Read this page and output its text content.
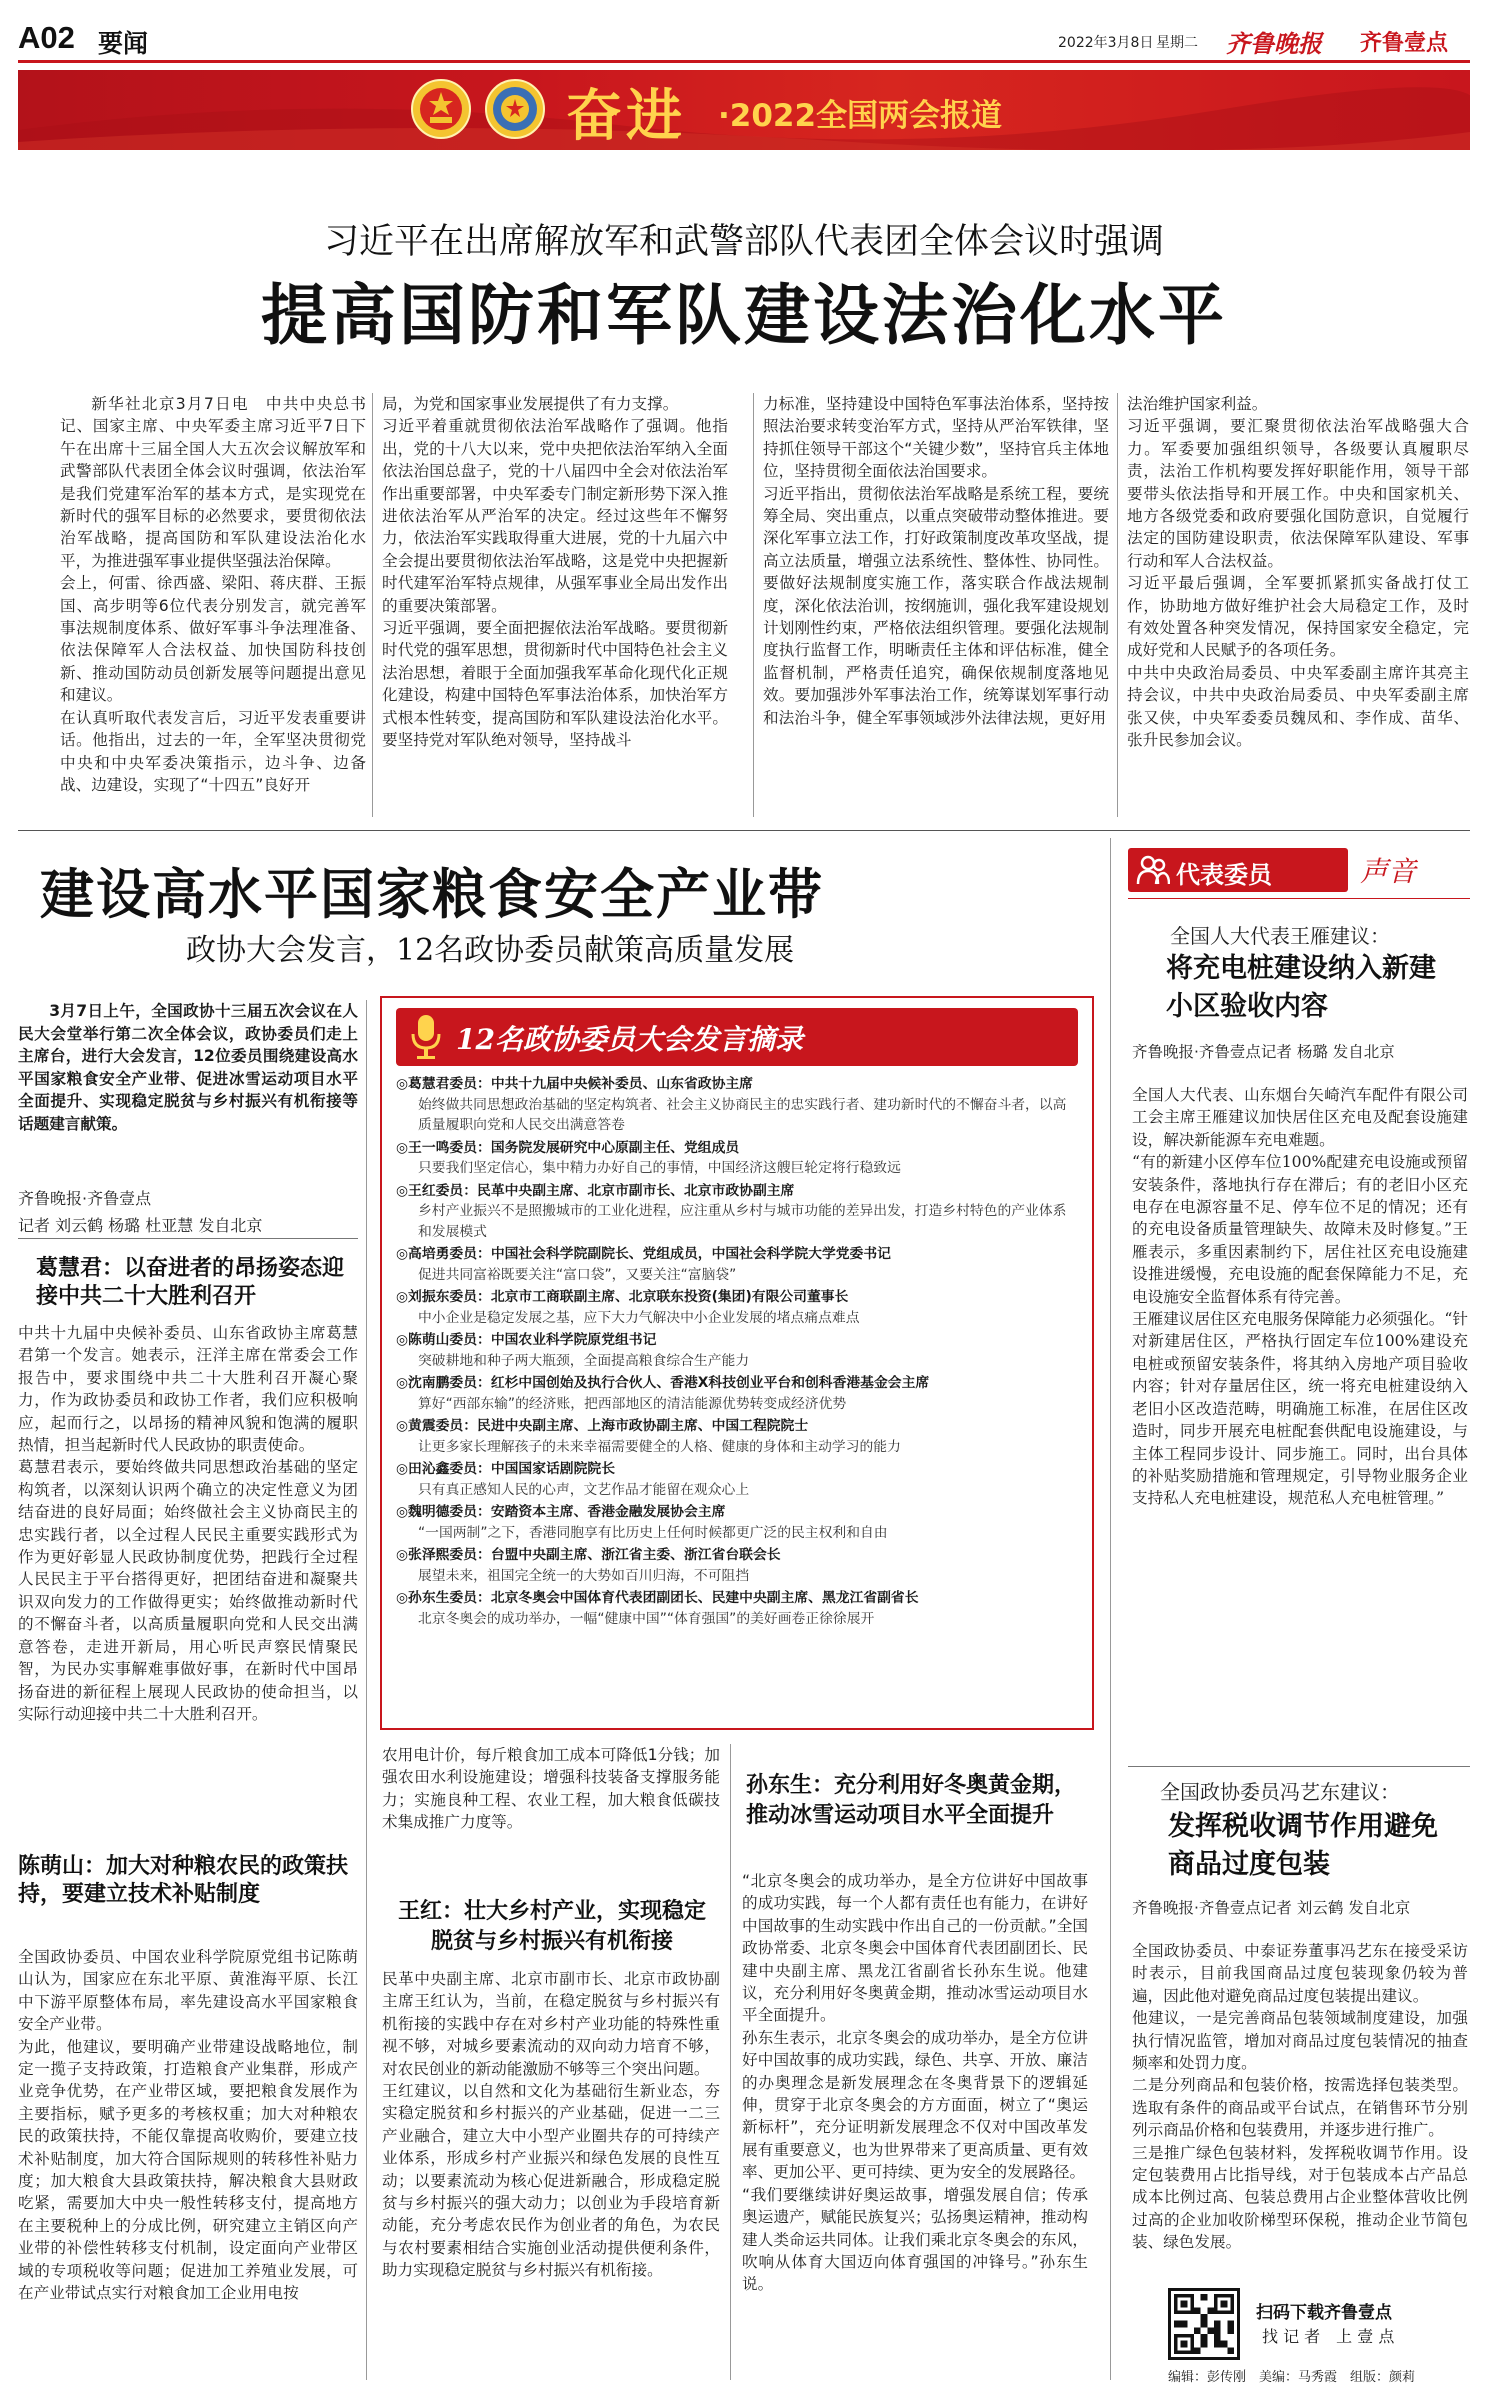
A02 要闻	2022年3月8日 星期二 齐鲁晚报 齐鲁壹点
奋进 ·2022全国两会报道
习近平在出席解放军和武警部队代表团全体会议时强调
提高国防和军队建设法治化水平
新华社北京3月7日电　中共中央总书记、国家主席、中央军委主席习近平7日下午在出席十三届全国人大五次会议解放军和武警部队代表团全体会议时强调，依法治军是我们党建军治军的基本方式，是实现党在新时代的强军目标的必然要求，要贯彻依法治军战略，提高国防和军队建设法治化水平，为推进强军事业提供坚强法治保障。
会上，何雷、徐西盛、梁阳、蒋庆群、王振国、高步明等6位代表分别发言，就完善军事法规制度体系、做好军事斗争法理准备、依法保障军人合法权益、加快国防科技创新、推动国防动员创新发展等问题提出意见和建议。
在认真听取代表发言后，习近平发表重要讲话。他指出，过去的一年，全军坚决贯彻党中央和中央军委决策指示，边斗争、边备战、边建设，实现了“十四五”良好开
局，为党和国家事业发展提供了有力支撑。
习近平着重就贯彻依法治军战略作了强调。他指出，党的十八大以来，党中央把依法治军纳入全面依法治国总盘子，党的十八届四中全会对依法治军作出重要部署，中央军委专门制定新形势下深入推进依法治军从严治军的决定。经过这些年不懈努力，依法治军实践取得重大进展，党的十九届六中全会提出要贯彻依法治军战略，这是党中央把握新时代建军治军特点规律，从强军事业全局出发作出的重要决策部署。
习近平强调，要全面把握依法治军战略。要贯彻新时代党的强军思想，贯彻新时代中国特色社会主义法治思想，着眼于全面加强我军革命化现代化正规化建设，构建中国特色军事法治体系，加快治军方式根本性转变，提高国防和军队建设法治化水平。要坚持党对军队绝对领导，坚持战斗
力标准，坚持建设中国特色军事法治体系，坚持按照法治要求转变治军方式，坚持从严治军铁律，坚持抓住领导干部这个“关键少数”，坚持官兵主体地位，坚持贯彻全面依法治国要求。
习近平指出，贯彻依法治军战略是系统工程，要统筹全局、突出重点，以重点突破带动整体推进。要深化军事立法工作，打好政策制度改革攻坚战，提高立法质量，增强立法系统性、整体性、协同性。要做好法规制度实施工作，落实联合作战法规制度，深化依法治训，按纲施训，强化我军建设规划计划刚性约束，严格依法组织管理。要强化法规制度执行监督工作，明晰责任主体和评估标准，健全监督机制，严格责任追究，确保依规制度落地见效。要加强涉外军事法治工作，统筹谋划军事行动和法治斗争，健全军事领域涉外法律法规，更好用
法治维护国家利益。
习近平强调，要汇聚贯彻依法治军战略强大合力。军委要加强组织领导，各级要认真履职尽责，法治工作机构要发挥好职能作用，领导干部要带头依法指导和开展工作。中央和国家机关、地方各级党委和政府要强化国防意识，自觉履行法定的国防建设职责，依法保障军队建设、军事行动和军人合法权益。
习近平最后强调，全军要抓紧抓实备战打仗工作，协助地方做好维护社会大局稳定工作，及时有效处置各种突发情况，保持国家安全稳定，完成好党和人民赋予的各项任务。
中共中央政治局委员、中央军委副主席许其亮主持会议，中共中央政治局委员、中央军委副主席张又侠，中央军委委员魏凤和、李作成、苗华、张升民参加会议。
建设高水平国家粮食安全产业带
政协大会发言，12名政协委员献策高质量发展
3月7日上午，全国政协十三届五次会议在人民大会堂举行第二次全体会议，政协委员们走上主席台，进行大会发言，12位委员围绕建设高水平国家粮食安全产业带、促进冰雪运动项目水平全面提升、实现稳定脱贫与乡村振兴有机衔接等话题建言献策。
齐鲁晚报·齐鲁壹点
记者 刘云鹤 杨璐 杜亚慧 发自北京
葛慧君：以奋进者的昂扬姿态迎接中共二十大胜利召开
中共十九届中央候补委员、山东省政协主席葛慧君第一个发言。她表示，汪洋主席在常委会工作报告中，要求围绕中共二十大胜利召开凝心聚力，作为政协委员和政协工作者，我们应积极响应，起而行之，以昂扬的精神风貌和饱满的履职热情，担当起新时代人民政协的职责使命。
葛慧君表示，要始终做共同思想政治基础的坚定构筑者，以深刻认识两个确立的决定性意义为团结奋进的良好局面；始终做社会主义协商民主的忠实践行者，以全过程人民民主重要实践形式为作为更好彰显人民政协制度优势，把践行全过程人民民主于平台搭得更好，把团结奋进和凝聚共识双向发力的工作做得更实；始终做推动新时代的不懈奋斗者，以高质量履职向党和人民交出满意答卷，走进开新局，用心听民声察民情聚民智，为民办实事解难事做好事，在新时代中国昂扬奋进的新征程上展现人民政协的使命担当，以实际行动迎接中共二十大胜利召开。
陈萌山：加大对种粮农民的政策扶持，要建立技术补贴制度
全国政协委员、中国农业科学院原党组书记陈萌山认为，国家应在东北平原、黄淮海平原、长江中下游平原整体布局，率先建设高水平国家粮食安全产业带。
为此，他建议，要明确产业带建设战略地位，制定一揽子支持政策，打造粮食产业集群，形成产业竞争优势，在产业带区域，要把粮食发展作为主要指标，赋予更多的考核权重；加大对种粮农民的政策扶持，不能仅靠提高收购价，要建立技术补贴制度，加大符合国际规则的转移性补贴力度；加大粮食大县政策扶持，解决粮食大县财政吃紧，需要加大中央一般性转移支付，提高地方在主要税种上的分成比例，研究建立主销区向产业带的补偿性转移支付机制，设定面向产业带区域的专项税收等问题；促进加工养殖业发展，可在产业带试点实行对粮食加工企业用电按
12名政协委员大会发言摘录
◎葛慧君委员：中共十九届中央候补委员、山东省政协主席
始终做共同思想政治基础的坚定构筑者、社会主义协商民主的忠实践行者、建功新时代的不懈奋斗者，以高质量履职向党和人民交出满意答卷
◎王一鸣委员：国务院发展研究中心原副主任、党组成员
只要我们坚定信心，集中精力办好自己的事情，中国经济这艘巨轮定将行稳致远
◎王红委员：民革中央副主席、北京市副市长、北京市政协副主席
乡村产业振兴不是照搬城市的工业化进程，应注重从乡村与城市功能的差异出发，打造乡村特色的产业体系和发展模式
◎高培勇委员：中国社会科学院副院长、党组成员，中国社会科学院大学党委书记
促进共同富裕既要关注“富口袋”，又要关注“富脑袋”
◎刘振东委员：北京市工商联副主席、北京联东投资(集团)有限公司董事长
中小企业是稳定发展之基，应下大力气解决中小企业发展的堵点痛点难点
◎陈萌山委员：中国农业科学院原党组书记
突破耕地和种子两大瓶颈，全面提高粮食综合生产能力
◎沈南鹏委员：红杉中国创始及执行合伙人、香港X科技创业平台和创科香港基金会主席
算好“西部东输”的经济账，把西部地区的清洁能源优势转变成经济优势
◎黄震委员：民进中央副主席、上海市政协副主席、中国工程院院士
让更多家长理解孩子的未来幸福需要健全的人格、健康的身体和主动学习的能力
◎田沁鑫委员：中国国家话剧院院长
只有真正感知人民的心声，文艺作品才能留在观众心上
◎魏明德委员：安踏资本主席、香港金融发展协会主席
“一国两制”之下，香港同胞享有比历史上任何时候都更广泛的民主权利和自由
◎张泽熙委员：台盟中央副主席、浙江省主委、浙江省台联会长
展望未来，祖国完全统一的大势如百川归海，不可阻挡
◎孙东生委员：北京冬奥会中国体育代表团副团长、民建中央副主席、黑龙江省副省长
北京冬奥会的成功举办，一幅“健康中国”“体育强国”的美好画卷正徐徐展开
农用电计价，每斤粮食加工成本可降低1分钱；加强农田水利设施建设；增强科技装备支撑服务能力；实施良种工程、农业工程，加大粮食低碳技术集成推广力度等。
王红：壮大乡村产业，实现稳定脱贫与乡村振兴有机衔接
民革中央副主席、北京市副市长、北京市政协副主席王红认为，当前，在稳定脱贫与乡村振兴有机衔接的实践中存在对乡村产业功能的特殊性重视不够，对城乡要素流动的双向动力培育不够，对农民创业的新动能激励不够等三个突出问题。
王红建议，以自然和文化为基础衍生新业态，夯实稳定脱贫和乡村振兴的产业基础，促进一二三产业融合，建立大中小型产业圈共存的可持续产业体系，形成乡村产业振兴和绿色发展的良性互动；以要素流动为核心促进新融合，形成稳定脱贫与乡村振兴的强大动力；以创业为手段培育新动能，充分考虑农民作为创业者的角色，为农民与农村要素相结合实施创业活动提供便利条件，助力实现稳定脱贫与乡村振兴有机衔接。
孙东生：充分利用好冬奥黄金期，推动冰雪运动项目水平全面提升
“北京冬奥会的成功举办，是全方位讲好中国故事的成功实践，每一个人都有责任也有能力，在讲好中国故事的生动实践中作出自己的一份贡献。”全国政协常委、北京冬奥会中国体育代表团副团长、民建中央副主席、黑龙江省副省长孙东生说。他建议，充分利用好冬奥黄金期，推动冰雪运动项目水平全面提升。
孙东生表示，北京冬奥会的成功举办，是全方位讲好中国故事的成功实践，绿色、共享、开放、廉洁的办奥理念是新发展理念在冬奥背景下的逻辑延伸，贯穿于北京冬奥会的方方面面，树立了“奥运新标杆”，充分证明新发展理念不仅对中国改革发展有重要意义，也为世界带来了更高质量、更有效率、更加公平、更可持续、更为安全的发展路径。
“我们要继续讲好奥运故事，增强发展自信；传承奥运遗产，赋能民族复兴；弘扬奥运精神，推动构建人类命运共同体。让我们乘北京冬奥会的东风，吹响从体育大国迈向体育强国的冲锋号。”孙东生说。
代表委员	声音
全国人大代表王雁建议：
将充电桩建设纳入新建小区验收内容
齐鲁晚报·齐鲁壹点记者 杨璐 发自北京
全国人大代表、山东烟台矢崎汽车配件有限公司工会主席王雁建议加快居住区充电及配套设施建设，解决新能源车充电难题。
“有的新建小区停车位100%配建充电设施或预留安装条件，落地执行存在滞后；有的老旧小区充电存在电源容量不足、停车位不足的情况；还有的充电设备质量管理缺失、故障未及时修复。”王雁表示，多重因素制约下，居住社区充电设施建设推进缓慢，充电设施的配套保障能力不足，充电设施安全监督体系有待完善。
王雁建议居住区充电服务保障能力必须强化。“针对新建居住区，严格执行固定车位100%建设充电桩或预留安装条件，将其纳入房地产项目验收内容；针对存量居住区，统一将充电桩建设纳入老旧小区改造范畴，明确施工标准，在居住区改造时，同步开展充电桩配套供配电设施建设，与主体工程同步设计、同步施工。同时，出台具体的补贴奖励措施和管理规定，引导物业服务企业支持私人充电桩建设，规范私人充电桩管理。”
全国政协委员冯艺东建议：
发挥税收调节作用避免商品过度包装
齐鲁晚报·齐鲁壹点记者 刘云鹤 发自北京
全国政协委员、中泰证券董事冯艺东在接受采访时表示，目前我国商品过度包装现象仍较为普遍，因此他对避免商品过度包装提出建议。
他建议，一是完善商品包装领域制度建设，加强执行情况监管，增加对商品过度包装情况的抽查频率和处罚力度。
二是分列商品和包装价格，按需选择包装类型。选取有条件的商品或平台试点，在销售环节分别列示商品价格和包装费用，并逐步进行推广。
三是推广绿色包装材料，发挥税收调节作用。设定包装费用占比指导线，对于包装成本占产品总成本比例过高、包装总费用占企业整体营收比例过高的企业加收阶梯型环保税，推动企业节简包装、绿色发展。
扫码下载齐鲁壹点
找 记 者　上 壹 点
编辑：彭传刚　美编：马秀霞　组版：颜莉
